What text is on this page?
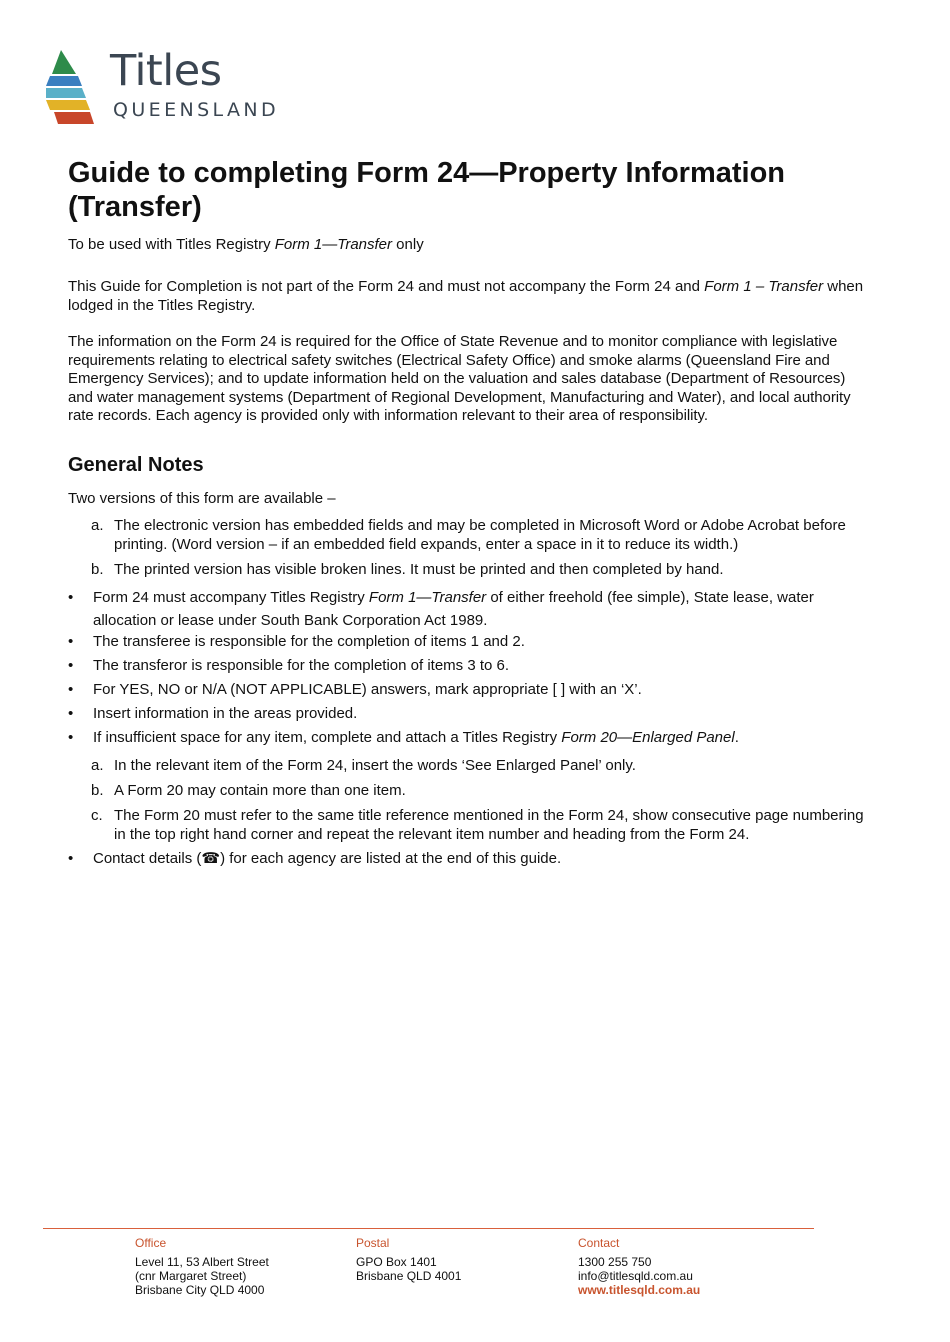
Titles
QUEENSLAND
Guide to completing Form 24—Property Information (Transfer)

To be used with Titles Registry Form 1—Transfer only

This Guide for Completion is not part of the Form 24 and must not accompany the Form 24 and Form 1 – Transfer when lodged in the Titles Registry.

The information on the Form 24 is required for the Office of State Revenue and to monitor compliance with legislative requirements relating to electrical safety switches (Electrical Safety Office) and smoke alarms (Queensland Fire and Emergency Services); and to update information held on the valuation and sales database (Department of Resources) and water management systems (Department of Regional Development, Manufacturing and Water), and local authority rate records. Each agency is provided only with information relevant to their area of responsibility.

General Notes

Two versions of this form are available –

a. The electronic version has embedded fields and may be completed in Microsoft Word or Adobe Acrobat before printing. (Word version – if an embedded field expands, enter a space in it to reduce its width.)
b. The printed version has visible broken lines. It must be printed and then completed by hand.
•	Form 24 must accompany Titles Registry Form 1—Transfer of either freehold (fee simple), State lease, water allocation or lease under South Bank Corporation Act 1989.
•	The transferee is responsible for the completion of items 1 and 2.
•	The transferor is responsible for the completion of items 3 to 6.
•	For YES, NO or N/A (NOT APPLICABLE) answers, mark appropriate [ ] with an ‘X’.
•	Insert information in the areas provided.
•	If insufficient space for any item, complete and attach a Titles Registry Form 20—Enlarged Panel.
a. In the relevant item of the Form 24, insert the words ‘See Enlarged Panel’ only.
b. A Form 20 may contain more than one item.
c. The Form 20 must refer to the same title reference mentioned in the Form 24, show consecutive page numbering in the top right hand corner and repeat the relevant item number and heading from the Form 24.
•	Contact details (☎) for each agency are listed at the end of this guide.
Office
Level 11, 53 Albert Street
(cnr Margaret Street)
Brisbane City QLD 4000
Postal
GPO Box 1401
Brisbane QLD 4001
Contact
1300 255 750
info@titlesqld.com.au
www.titlesqld.com.au
